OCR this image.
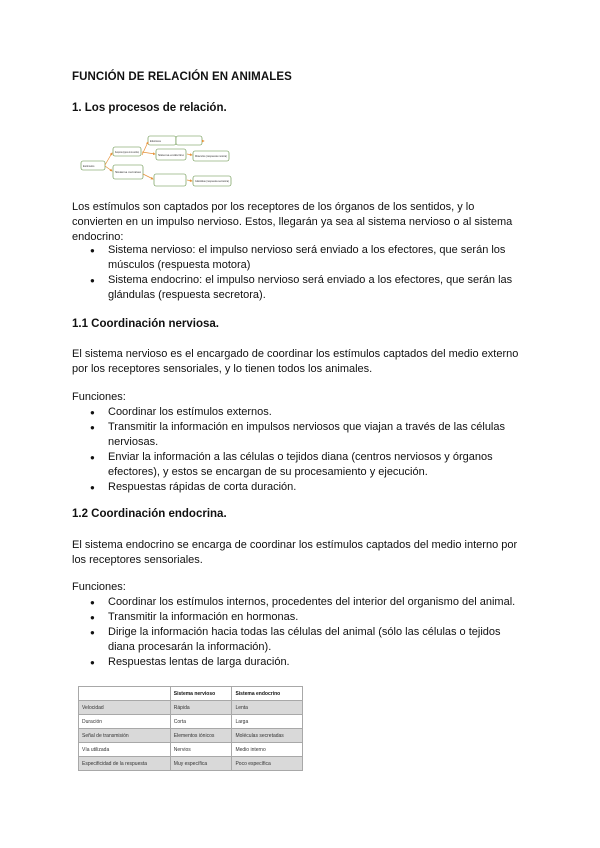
FUNCIÓN DE RELACIÓN EN ANIMALES
1. Los procesos de relación.
Estímulos
Receptores (órganos de los sentidos)
Sistema nervioso
Efectores
Sistema endocrino	Músculos (respuesta motora)
Glándulas (respuesta secretora)
Los estímulos son captados por los receptores de los órganos de los sentidos, y lo
convierten en un impulso nervioso. Estos, llegarán ya sea al sistema nervioso o al sistema
endocrino:
● Sistema nervioso: el impulso nervioso será enviado a los efectores, que serán los
músculos (respuesta motora)
● Sistema endocrino: el impulso nervioso será enviado a los efectores, que serán las
glándulas (respuesta secretora).
1.1 Coordinación nerviosa.
El sistema nervioso es el encargado de coordinar los estímulos captados del medio externo
por los receptores sensoriales, y lo tienen todos los animales.
Funciones:
● Coordinar los estímulos externos.
● Transmitir la información en impulsos nerviosos que viajan a través de las células
nerviosas.
● Enviar la información a las células o tejidos diana (centros nerviosos y órganos
efectores), y estos se encargan de su procesamiento y ejecución.
● Respuestas rápidas de corta duración.
1.2 Coordinación endocrina.
El sistema endocrino se encarga de coordinar los estímulos captados del medio interno por
los receptores sensoriales.
Funciones:
● Coordinar los estímulos internos, procedentes del interior del organismo del animal.
● Transmitir la información en hormonas.
● Dirige la información hacia todas las células del animal (sólo las células o tejidos
diana procesarán la información).
● Respuestas lentas de larga duración.
	Sistema nervioso	Sistema endocrino
Velocidad	Rápida	Lenta
Duración	Corta	Larga
Señal de transmisión	Elementos iónicos	Moléculas secretadas
Vía utilizada	Nervios	Medio interno
Especificidad de la respuesta	Muy específica	Poco específica
